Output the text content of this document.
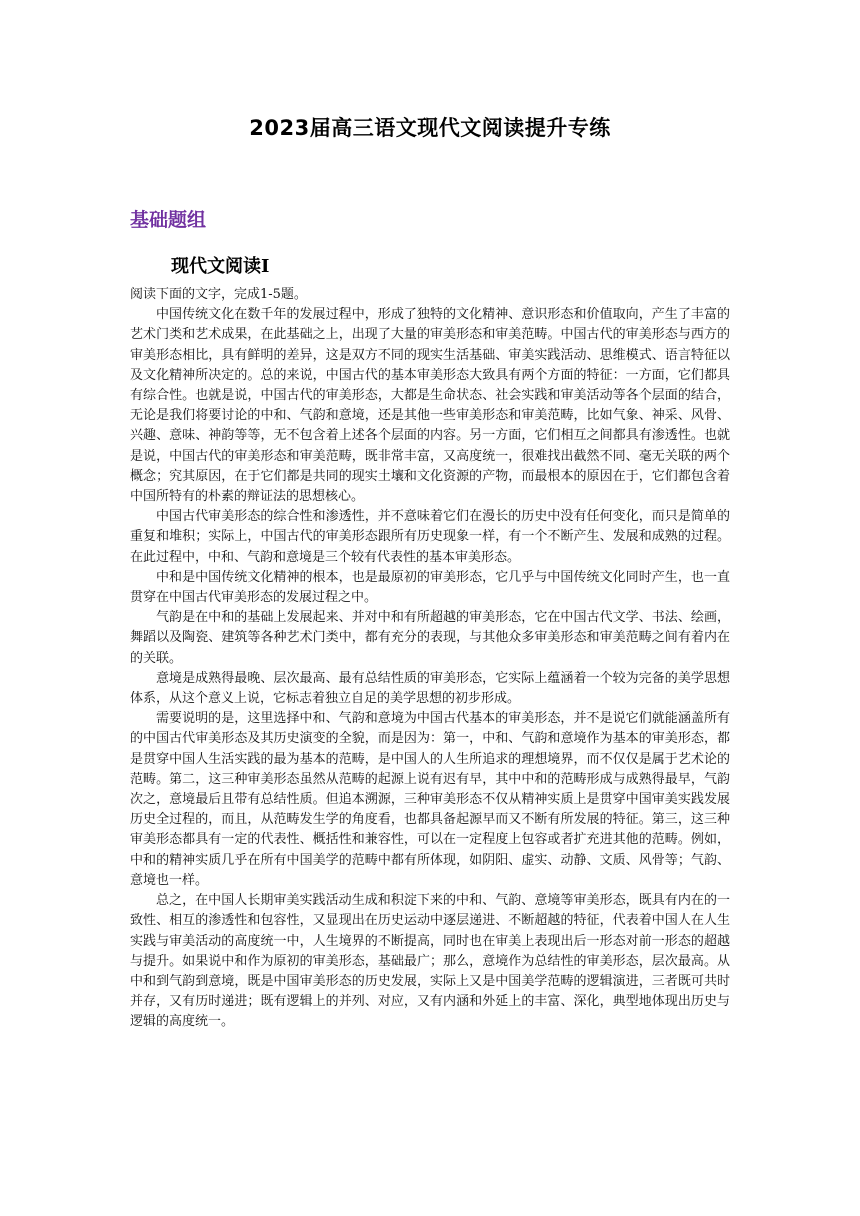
2023届高三语文现代文阅读提升专练
基础题组
现代文阅读Ⅰ

阅读下面的文字，完成1-5题。

中国传统文化在数千年的发展过程中，形成了独特的文化精神、意识形态和价值取向，产生了丰富的艺术门类和艺术成果，在此基础之上，出现了大量的审美形态和审美范畴。中国古代的审美形态与西方的审美形态相比，具有鲜明的差异，这是双方不同的现实生活基础、审美实践活动、思维模式、语言特征以及文化精神所决定的。总的来说，中国古代的基本审美形态大致具有两个方面的特征：一方面，它们都具有综合性。也就是说，中国古代的审美形态，大都是生命状态、社会实践和审美活动等各个层面的结合，无论是我们将要讨论的中和、气韵和意境，还是其他一些审美形态和审美范畴，比如气象、神采、风骨、兴趣、意味、神韵等等，无不包含着上述各个层面的内容。另一方面，它们相互之间都具有渗透性。也就是说，中国古代的审美形态和审美范畴，既非常丰富，又高度统一，很难找出截然不同、毫无关联的两个概念；究其原因，在于它们都是共同的现实土壤和文化资源的产物，而最根本的原因在于，它们都包含着中国所特有的朴素的辩证法的思想核心。

中国古代审美形态的综合性和渗透性，并不意味着它们在漫长的历史中没有任何变化，而只是简单的重复和堆积；实际上，中国古代的审美形态跟所有历史现象一样，有一个不断产生、发展和成熟的过程。在此过程中，中和、气韵和意境是三个较有代表性的基本审美形态。

中和是中国传统文化精神的根本，也是最原初的审美形态，它几乎与中国传统文化同时产生，也一直贯穿在中国古代审美形态的发展过程之中。

气韵是在中和的基础上发展起来、并对中和有所超越的审美形态，它在中国古代文学、书法、绘画，舞蹈以及陶瓷、建筑等各种艺术门类中，都有充分的表现，与其他众多审美形态和审美范畴之间有着内在的关联。

意境是成熟得最晚、层次最高、最有总结性质的审美形态，它实际上蕴涵着一个较为完备的美学思想体系，从这个意义上说，它标志着独立自足的美学思想的初步形成。

需要说明的是，这里选择中和、气韵和意境为中国古代基本的审美形态，并不是说它们就能涵盖所有的中国古代审美形态及其历史演变的全貌，而是因为：第一，中和、气韵和意境作为基本的审美形态，都是贯穿中国人生活实践的最为基本的范畴，是中国人的人生所追求的理想境界，而不仅仅是属于艺术论的范畴。第二，这三种审美形态虽然从范畴的起源上说有迟有早，其中中和的范畴形成与成熟得最早，气韵次之，意境最后且带有总结性质。但追本溯源，三种审美形态不仅从精神实质上是贯穿中国审美实践发展历史全过程的，而且，从范畴发生学的角度看，也都具备起源早而又不断有所发展的特征。第三，这三种审美形态都具有一定的代表性、概括性和兼容性，可以在一定程度上包容或者扩充进其他的范畴。例如，中和的精神实质几乎在所有中国美学的范畴中都有所体现，如阴阳、虚实、动静、文质、风骨等；气韵、意境也一样。

总之，在中国人长期审美实践活动生成和积淀下来的中和、气韵、意境等审美形态，既具有内在的一致性、相互的渗透性和包容性，又显现出在历史运动中逐层递进、不断超越的特征，代表着中国人在人生实践与审美活动的高度统一中，人生境界的不断提高，同时也在审美上表现出后一形态对前一形态的超越与提升。如果说中和作为原初的审美形态，基础最广；那么，意境作为总结性的审美形态，层次最高。从中和到气韵到意境，既是中国审美形态的历史发展，实际上又是中国美学范畴的逻辑演进，三者既可共时并存，又有历时递进；既有逻辑上的并列、对应，又有内涵和外延上的丰富、深化，典型地体现出历史与逻辑的高度统一。
